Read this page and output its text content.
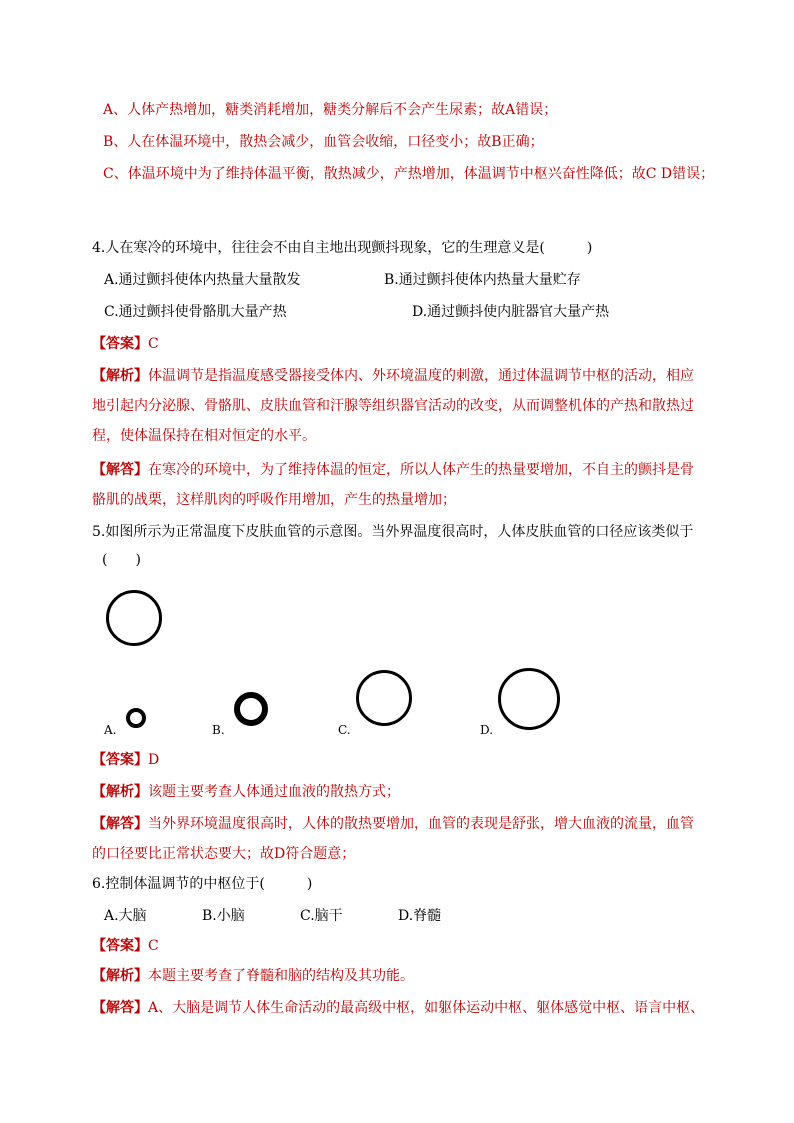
A、人体产热增加，糖类消耗增加，糖类分解后不会产生尿素；故A错误；
B、人在体温环境中，散热会减少，血管会收缩，口径变小；故B正确；
C、体温环境中为了维持体温平衡，散热减少，产热增加，体温调节中枢兴奋性降低；故C D错误；
4.人在寒冷的环境中，往往会不由自主地出现颤抖现象，它的生理意义是(　　　)
A.通过颤抖使体内热量大量散发	B.通过颤抖使体内热量大量贮存
C.通过颤抖使骨骼肌大量产热	D.通过颤抖使内脏器官大量产热
【答案】C
【解析】体温调节是指温度感受器接受体内、外环境温度的刺激，通过体温调节中枢的活动，相应
地引起内分泌腺、骨骼肌、皮肤血管和汗腺等组织器官活动的改变，从而调整机体的产热和散热过
程，使体温保持在相对恒定的水平。
【解答】在寒冷的环境中，为了维持体温的恒定，所以人体产生的热量要增加，不自主的颤抖是骨
骼肌的战栗，这样肌肉的呼吸作用增加，产生的热量增加；
5.如图所示为正常温度下皮肤血管的示意图。当外界温度很高时，人体皮肤血管的口径应该类似于
(　　)
A.	B.	C.	D.
【答案】D
【解析】该题主要考查人体通过血液的散热方式；
【解答】当外界环境温度很高时，人体的散热要增加，血管的表现是舒张，增大血液的流量，血管
的口径要比正常状态要大；故D符合题意；
6.控制体温调节的中枢位于(　　　)
A.大脑	B.小脑	C.脑干	D.脊髓
【答案】C
【解析】本题主要考查了脊髓和脑的结构及其功能。
【解答】A、大脑是调节人体生命活动的最高级中枢，如躯体运动中枢、躯体感觉中枢、语言中枢、
